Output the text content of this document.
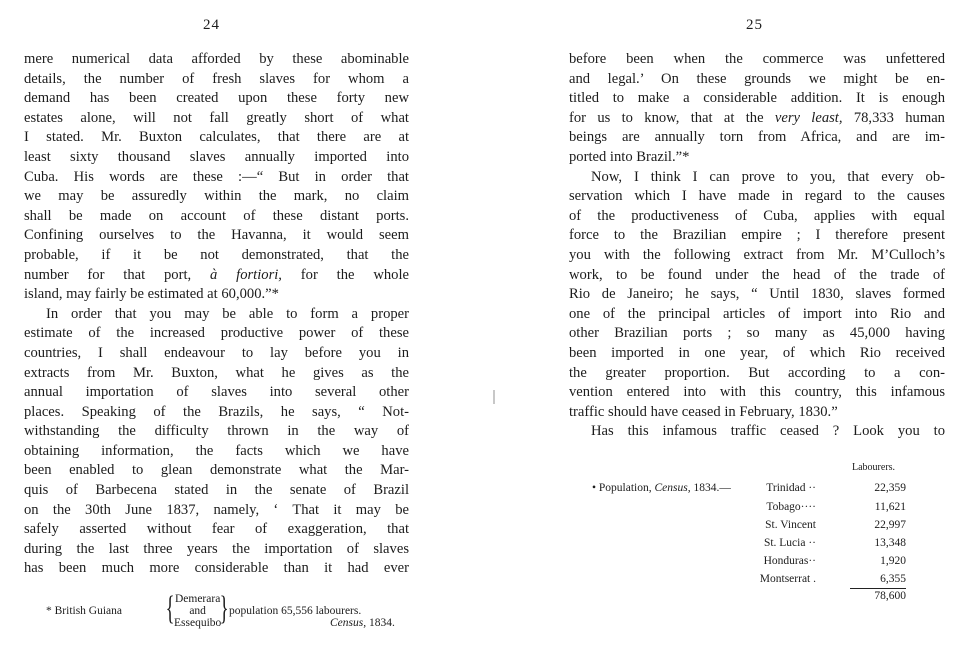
24
mere numerical data afforded by these abominable
details, the number of fresh slaves for whom a
demand has been created upon these forty new
estates alone, will not fall greatly short of what
I stated. Mr. Buxton calculates, that there are at
least sixty thousand slaves annually imported into
Cuba. His words are these :—“ But in order that
we may be assuredly within the mark, no claim
shall be made on account of these distant ports.
Confining ourselves to the Havanna, it would seem
probable, if it be not demonstrated, that the
number for that port, à fortiori, for the whole
island, may fairly be estimated at 60,000.”*
In order that you may be able to form a proper
estimate of the increased productive power of these
countries, I shall endeavour to lay before you in
extracts from Mr. Buxton, what he gives as the
annual importation of slaves into several other
places. Speaking of the Brazils, he says, “ Not-
withstanding the difficulty thrown in the way of
obtaining information, the facts which we have
been enabled to glean demonstrate what the Mar-
quis of Barbecena stated in the senate of Brazil
on the 30th June 1837, namely, ‘ That it may be
safely asserted without fear of exaggeration, that
during the last three years the importation of slaves
has been much more considerable than it had ever
* British Guiana { Demerara
and
Essequibo
} population 65,556 labourers.
Census, 1834.
25
before been when the commerce was unfettered
and legal.’ On these grounds we might be en-
titled to make a considerable addition. It is enough
for us to know, that at the very least, 78,333 human
beings are annually torn from Africa, and are im-
ported into Brazil.”*
Now, I think I can prove to you, that every ob-
servation which I have made in regard to the causes
of the productiveness of Cuba, applies with equal
force to the Brazilian empire ; I therefore present
you with the following extract from Mr. M’Culloch’s
work, to be found under the head of the trade of
Rio de Janeiro; he says, “ Until 1830, slaves formed
one of the principal articles of import into Rio and
other Brazilian ports ; so many as 45,000 having
been imported in one year, of which Rio received
the greater proportion. But according to a con-
vention entered into with this country, this infamous
traffic should have ceased in February, 1830.”
Has this infamous traffic ceased ? Look you to
Labourers.
• Population, Census, 1834.—	Trinidad ··	22,359
Tobago····	11,621
St. Vincent	22,997
St. Lucia ··	13,348
Honduras··	1,920
Montserrat .	6,355
78,600
